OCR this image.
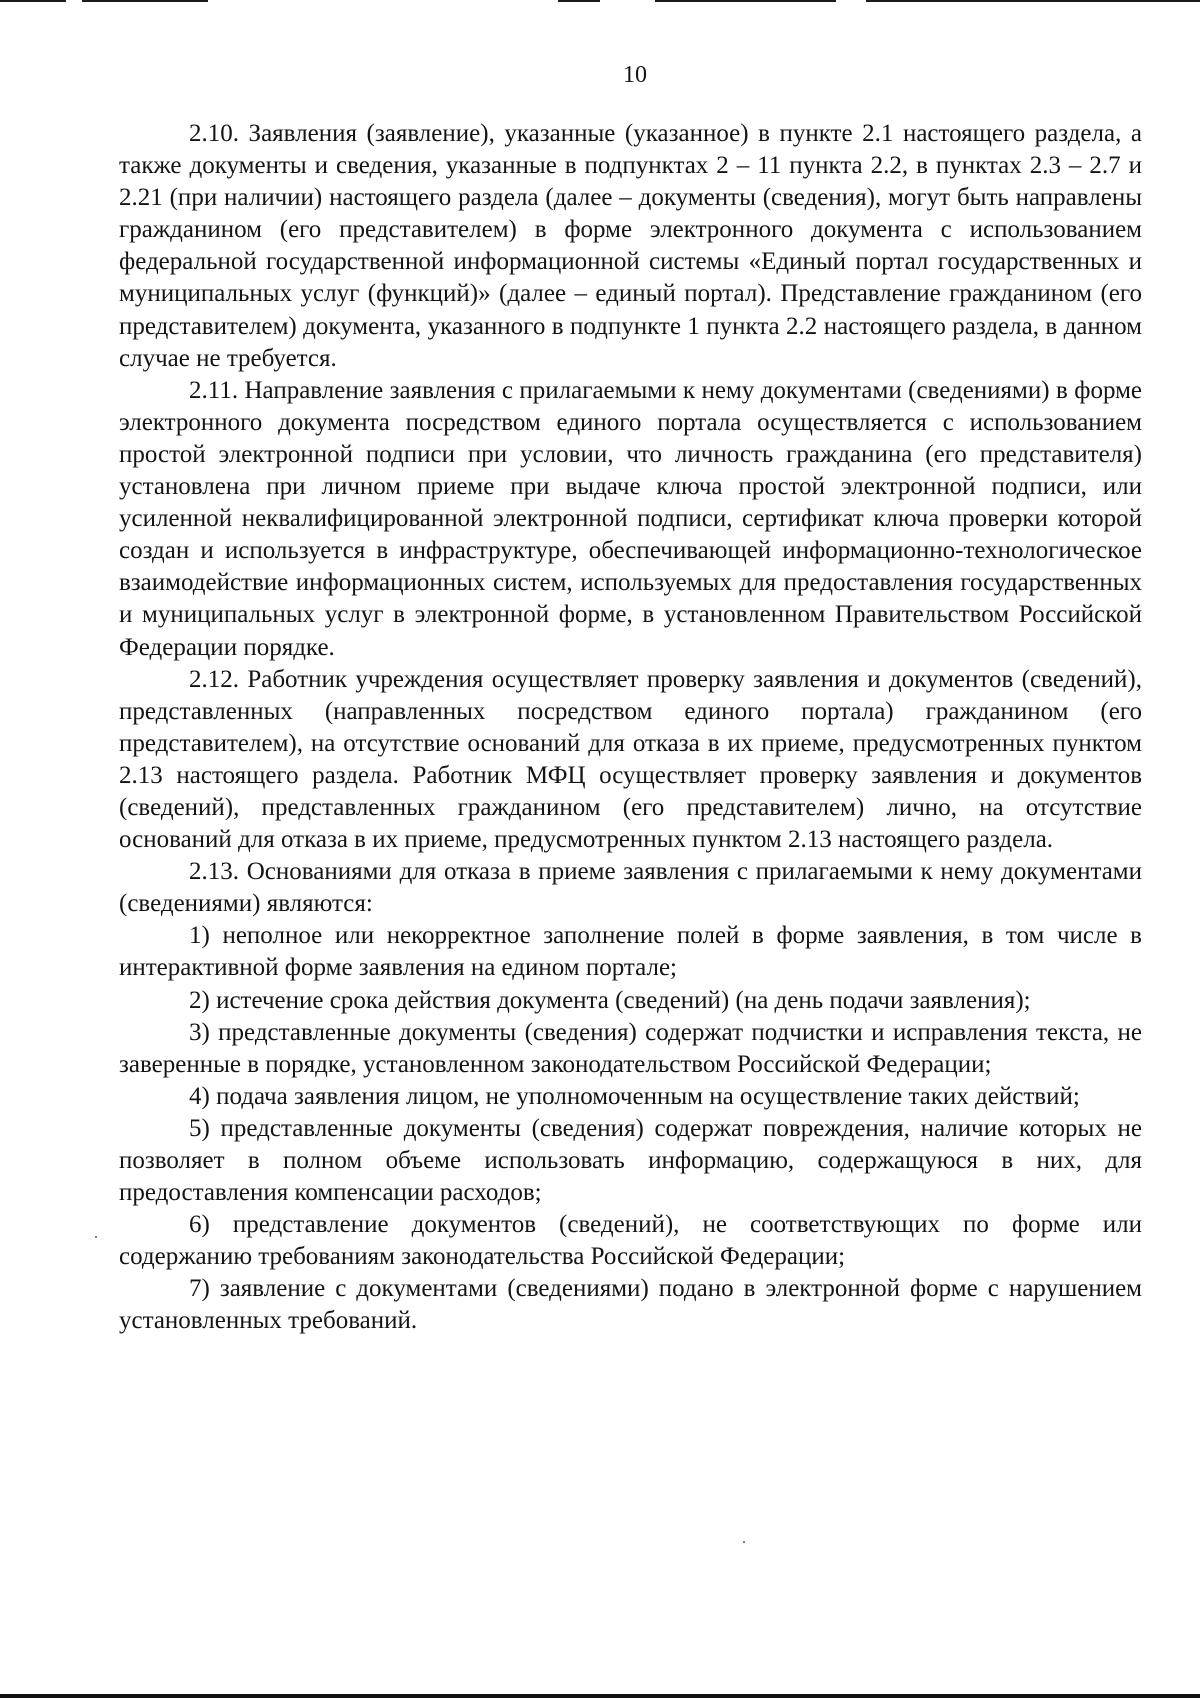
10

2.10. Заявления (заявление), указанные (указанное) в пункте 2.1 настоящего раздела, а также документы и сведения, указанные в подпунктах 2 – 11 пункта 2.2, в пунктах 2.3 – 2.7 и 2.21 (при наличии) настоящего раздела (далее – документы (сведения), могут быть направлены гражданином (его представителем) в форме электронного документа с использованием федеральной государственной информационной системы «Единый портал государственных и муниципальных услуг (функций)» (далее – единый портал). Представление гражданином (его представителем) документа, указанного в подпункте 1 пункта 2.2 настоящего раздела, в данном случае не требуется.

2.11. Направление заявления с прилагаемыми к нему документами (сведениями) в форме электронного документа посредством единого портала осуществляется с использованием простой электронной подписи при условии, что личность гражданина (его представителя) установлена при личном приеме при выдаче ключа простой электронной подписи, или усиленной неквалифицированной электронной подписи, сертификат ключа проверки которой создан и используется в инфраструктуре, обеспечивающей информационно-технологическое взаимодействие информационных систем, используемых для предоставления государственных и муниципальных услуг в электронной форме, в установленном Правительством Российской Федерации порядке.

2.12. Работник учреждения осуществляет проверку заявления и документов (сведений), представленных (направленных посредством единого портала) гражданином (его представителем), на отсутствие оснований для отказа в их приеме, предусмотренных пунктом 2.13 настоящего раздела. Работник МФЦ осуществляет проверку заявления и документов (сведений), представленных гражданином (его представителем) лично, на отсутствие оснований для отказа в их приеме, предусмотренных пунктом 2.13 настоящего раздела.

2.13. Основаниями для отказа в приеме заявления с прилагаемыми к нему документами (сведениями) являются:

1) неполное или некорректное заполнение полей в форме заявления, в том числе в интерактивной форме заявления на едином портале;

2) истечение срока действия документа (сведений) (на день подачи заявления);

3) представленные документы (сведения) содержат подчистки и исправления текста, не заверенные в порядке, установленном законодательством Российской Федерации;

4) подача заявления лицом, не уполномоченным на осуществление таких действий;

5) представленные документы (сведения) содержат повреждения, наличие которых не позволяет в полном объеме использовать информацию, содержащуюся в них, для предоставления компенсации расходов;

6) представление документов (сведений), не соответствующих по форме или содержанию требованиям законодательства Российской Федерации;

7) заявление с документами (сведениями) подано в электронной форме с нарушением установленных требований.
